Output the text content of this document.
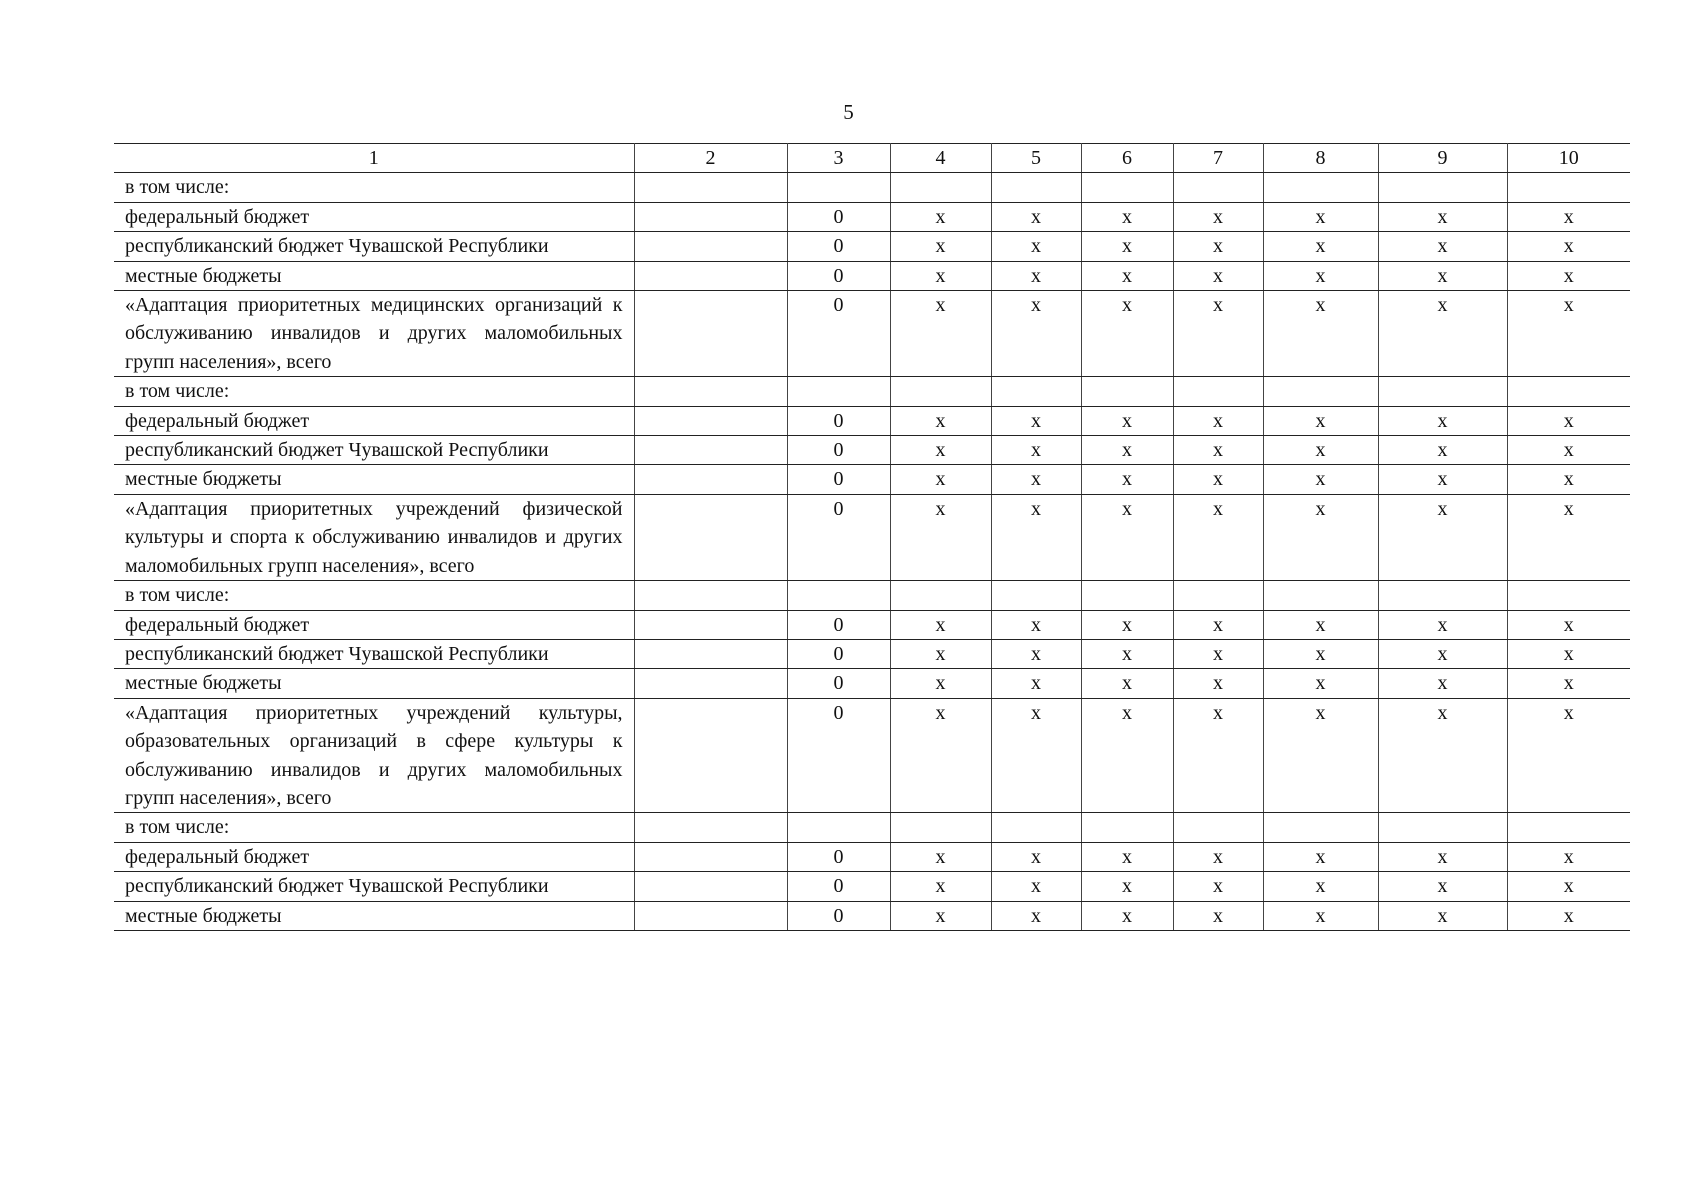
5
1	2	3	4	5	6	7	8	9	10
в том числе:									
федеральный бюджет		0	х	х	х	х	х	х	х
республиканский бюджет Чувашской Республики		0	х	х	х	х	х	х	х
местные бюджеты		0	х	х	х	х	х	х	х
«Адаптация приоритетных медицинских организаций к обслуживанию инвалидов и других маломобильных групп населения», всего		0	х	х	х	х	х	х	х
в том числе:									
федеральный бюджет		0	х	х	х	х	х	х	х
республиканский бюджет Чувашской Республики		0	х	х	х	х	х	х	х
местные бюджеты		0	х	х	х	х	х	х	х
«Адаптация приоритетных учреждений физической культуры и спорта к обслуживанию инвалидов и других маломобильных групп населения», всего		0	х	х	х	х	х	х	х
в том числе:									
федеральный бюджет		0	х	х	х	х	х	х	х
республиканский бюджет Чувашской Республики		0	х	х	х	х	х	х	х
местные бюджеты		0	х	х	х	х	х	х	х
«Адаптация приоритетных учреждений культуры, образовательных организаций в сфере культуры к обслуживанию инвалидов и других маломобильных групп населения», всего		0	х	х	х	х	х	х	х
в том числе:									
федеральный бюджет		0	х	х	х	х	х	х	х
республиканский бюджет Чувашской Республики		0	х	х	х	х	х	х	х
местные бюджеты		0	х	х	х	х	х	х	х
